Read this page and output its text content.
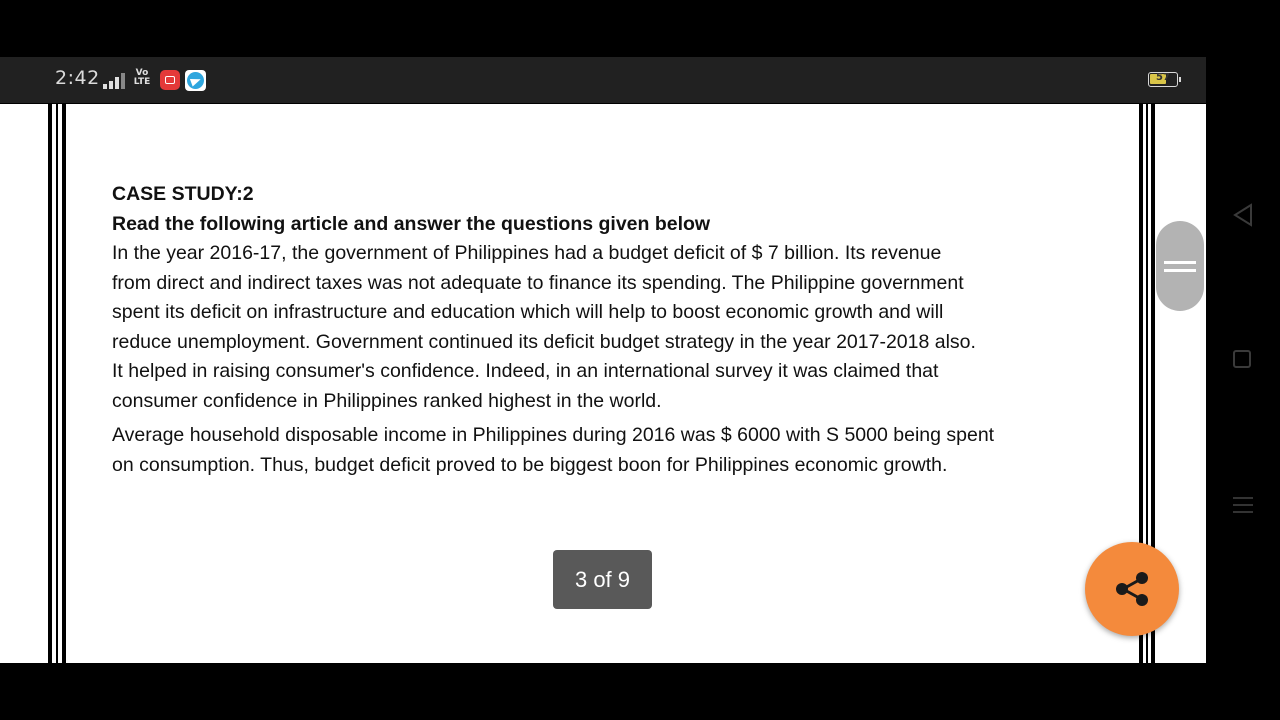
2:42	Vo LTE	57

CASE STUDY:2

Read the following article and answer the questions given below

In the year 2016-17, the government of Philippines had a budget deficit of $ 7 billion. Its revenue
from direct and indirect taxes was not adequate to finance its spending. The Philippine government
spent its deficit on infrastructure and education which will help to boost economic growth and will
reduce unemployment. Government continued its deficit budget strategy in the year 2017-2018 also.
It helped in raising consumer's confidence. Indeed, in an international survey it was claimed that
consumer confidence in Philippines ranked highest in the world.
Average household disposable income in Philippines during 2016 was $ 6000 with S 5000 being spent
on consumption. Thus, budget deficit proved to be biggest boon for Philippines economic growth.
3 of 9
